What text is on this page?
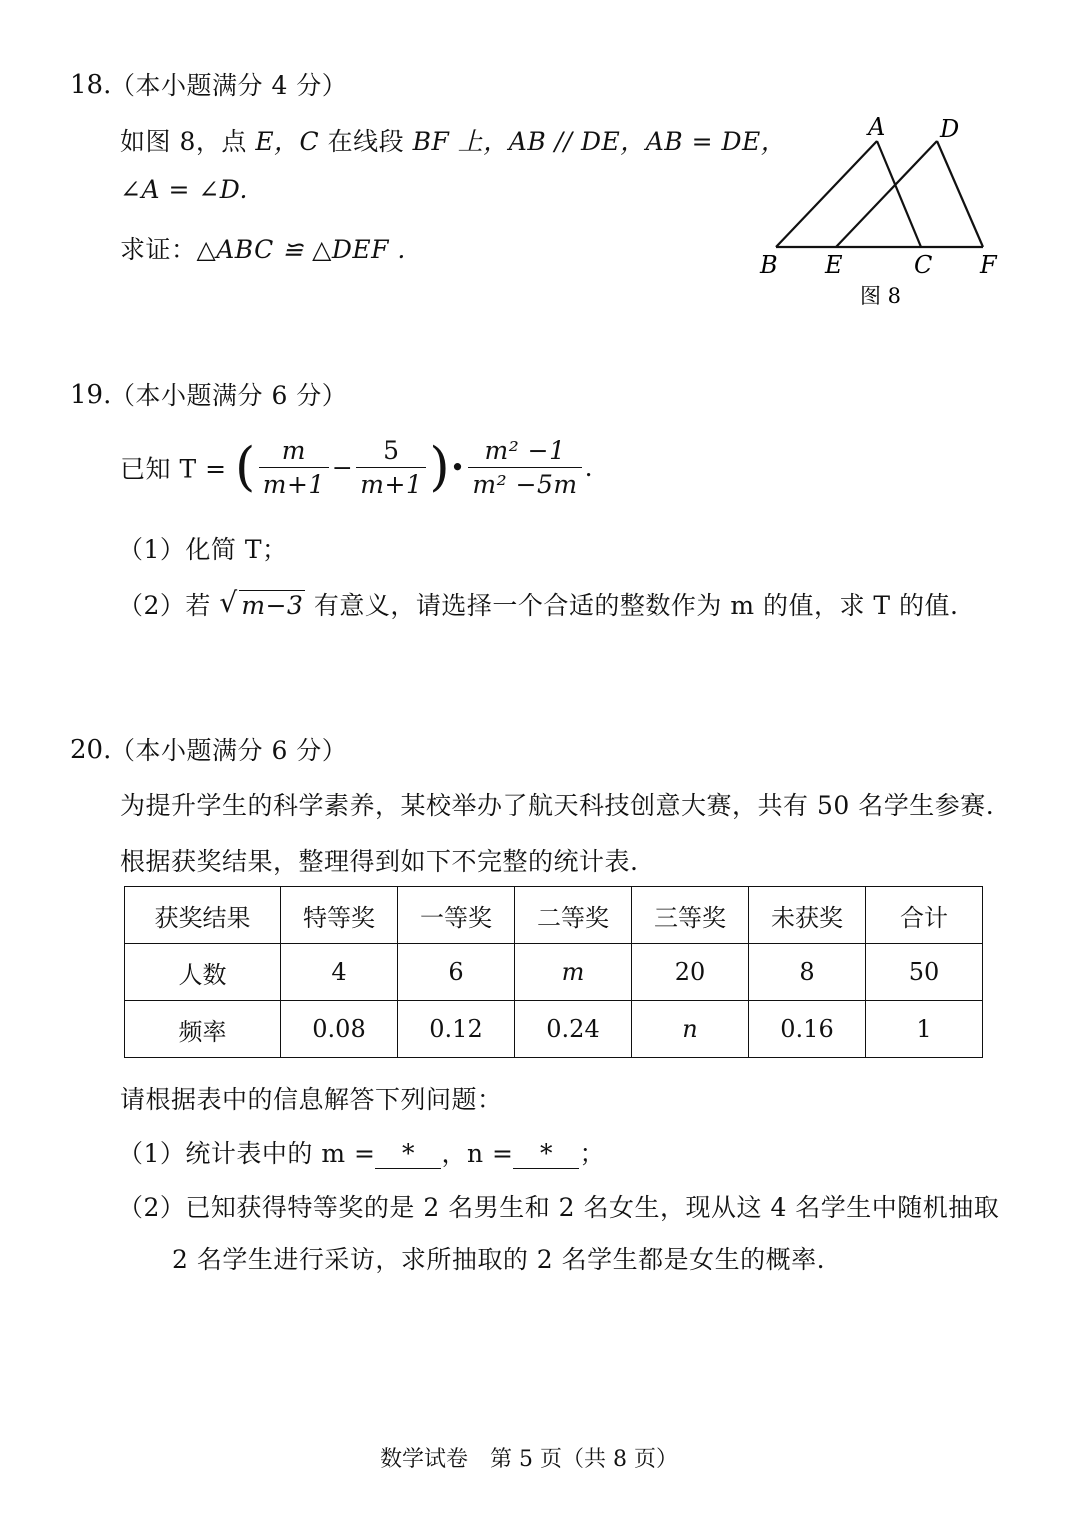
18.
（本小题满分 4 分）
如图 8，点 E，C 在线段 BF 上，AB // DE，AB = DE，
∠A = ∠D.
求证：△ABC ≌ △DEF .
A D
B E	C F
图 8
19.
（本小题满分 6 分）
已知 T = ( $\frac{m}{m+1} - \frac{5}{m+1}$ )• $\frac{\text{m² −1}}{\text{m² −5m}}$ .
（1）化简 T；
（2）若 √ m−3 有意义，请选择一个合适的整数作为 m 的值，求 T 的值.
20.
（本小题满分 6 分）
为提升学生的科学素养，某校举办了航天科技创意大赛，共有 50 名学生参赛.
根据获奖结果，整理得到如下不完整的统计表.
获奖结果	特等奖	一等奖	二等奖	三等奖	未获奖	合计
人数	4	6	m	20	8	50
频率	0.08	0.12	0.24	n	0.16	1
请根据表中的信息解答下列问题：
（1）统计表中的 m = * ，n = * ；
（2）已知获得特等奖的是 2 名男生和 2 名女生，现从这 4 名学生中随机抽取
2 名学生进行采访，求所抽取的 2 名学生都是女生的概率.
数学试卷　第 5 页（共 8 页）
